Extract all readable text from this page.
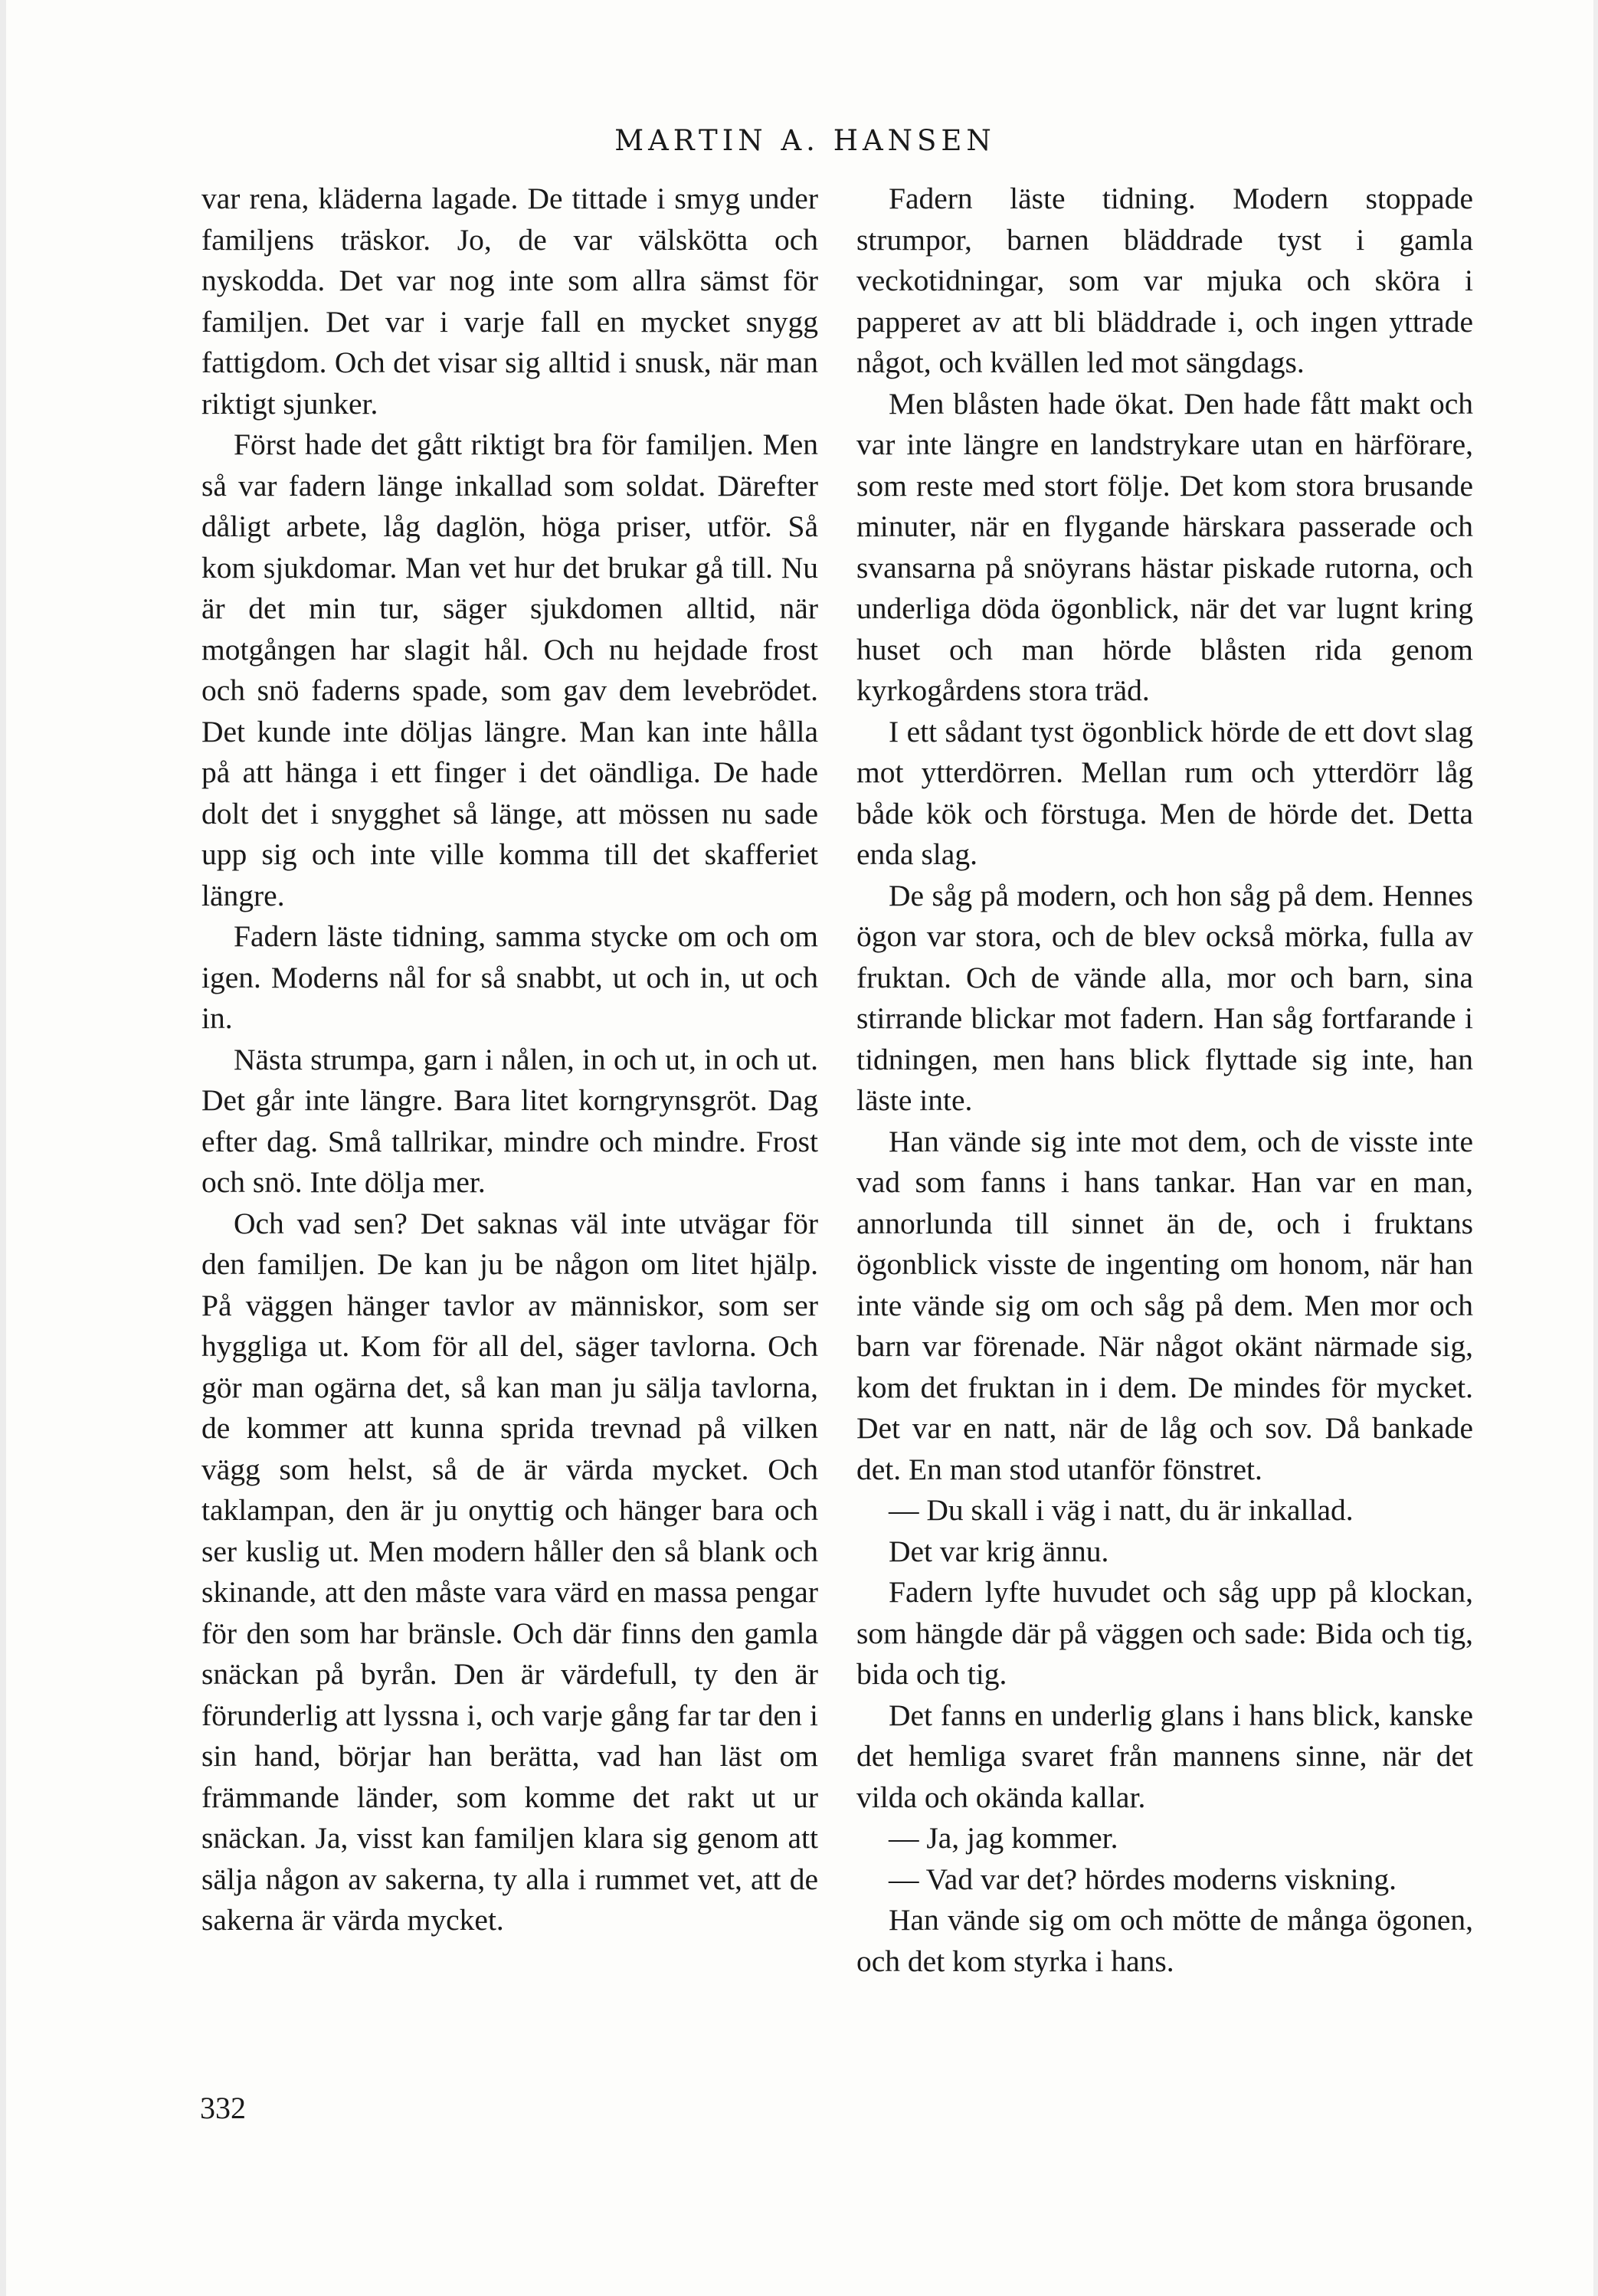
MARTIN A. HANSEN

var rena, kläderna lagade. De tittade i smyg under familjens träskor. Jo, de var välskötta och nyskodda. Det var nog inte som allra sämst för familjen. Det var i varje fall en mycket snygg fattigdom. Och det visar sig alltid i snusk, när man riktigt sjunker.

Först hade det gått riktigt bra för familjen. Men så var fadern länge inkallad som soldat. Därefter dåligt arbete, låg daglön, höga priser, utför. Så kom sjukdomar. Man vet hur det brukar gå till. Nu är det min tur, säger sjukdomen alltid, när motgången har slagit hål. Och nu hejdade frost och snö faderns spade, som gav dem levebrödet. Det kunde inte döljas längre. Man kan inte hålla på att hänga i ett finger i det oändliga. De hade dolt det i snygghet så länge, att mössen nu sade upp sig och inte ville komma till det skafferiet längre.

Fadern läste tidning, samma stycke om och om igen. Moderns nål for så snabbt, ut och in, ut och in.

Nästa strumpa, garn i nålen, in och ut, in och ut. Det går inte längre. Bara litet korngrynsgröt. Dag efter dag. Små tallrikar, mindre och mindre. Frost och snö. Inte dölja mer.

Och vad sen? Det saknas väl inte utvägar för den familjen. De kan ju be någon om litet hjälp. På väggen hänger tavlor av människor, som ser hyggliga ut. Kom för all del, säger tavlorna. Och gör man ogärna det, så kan man ju sälja tavlorna, de kommer att kunna sprida trevnad på vilken vägg som helst, så de är värda mycket. Och taklampan, den är ju onyttig och hänger bara och ser kuslig ut. Men modern håller den så blank och skinande, att den måste vara värd en massa pengar för den som har bränsle. Och där finns den gamla snäckan på byrån. Den är värdefull, ty den är förunderlig att lyssna i, och varje gång far tar den i sin hand, börjar han berätta, vad han läst om främmande länder, som komme det rakt ut ur snäckan. Ja, visst kan familjen klara sig genom att sälja någon av sakerna, ty alla i rummet vet, att de sakerna är värda mycket.

Fadern läste tidning. Modern stoppade strumpor, barnen bläddrade tyst i gamla veckotidningar, som var mjuka och sköra i papperet av att bli bläddrade i, och ingen yttrade något, och kvällen led mot sängdags.

Men blåsten hade ökat. Den hade fått makt och var inte längre en landstrykare utan en härförare, som reste med stort följe. Det kom stora brusande minuter, när en flygande härskara passerade och svansarna på snöyrans hästar piskade rutorna, och underliga döda ögonblick, när det var lugnt kring huset och man hörde blåsten rida genom kyrkogårdens stora träd.

I ett sådant tyst ögonblick hörde de ett dovt slag mot ytterdörren. Mellan rum och ytterdörr låg både kök och förstuga. Men de hörde det. Detta enda slag.

De såg på modern, och hon såg på dem. Hennes ögon var stora, och de blev också mörka, fulla av fruktan. Och de vände alla, mor och barn, sina stirrande blickar mot fadern. Han såg fortfarande i tidningen, men hans blick flyttade sig inte, han läste inte.

Han vände sig inte mot dem, och de visste inte vad som fanns i hans tankar. Han var en man, annorlunda till sinnet än de, och i fruktans ögonblick visste de ingenting om honom, när han inte vände sig om och såg på dem. Men mor och barn var förenade. När något okänt närmade sig, kom det fruktan in i dem. De mindes för mycket. Det var en natt, när de låg och sov. Då bankade det. En man stod utanför fönstret.

— Du skall i väg i natt, du är inkallad.

Det var krig ännu.

Fadern lyfte huvudet och såg upp på klockan, som hängde där på väggen och sade: Bida och tig, bida och tig.

Det fanns en underlig glans i hans blick, kanske det hemliga svaret från mannens sinne, när det vilda och okända kallar.

— Ja, jag kommer.

— Vad var det? hördes moderns viskning.

Han vände sig om och mötte de många ögonen, och det kom styrka i hans.

332
